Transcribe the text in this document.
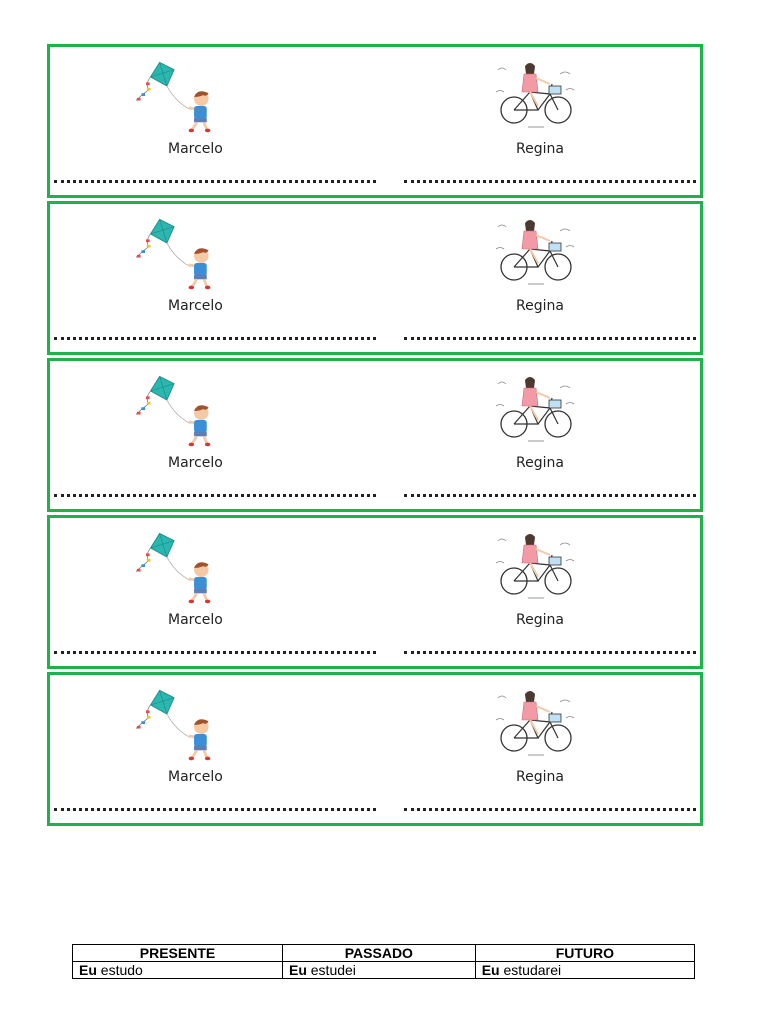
Marcelo	Regina
Marcelo	Regina
Marcelo	Regina
Marcelo	Regina
Marcelo	Regina
PRESENTE	PASSADO	FUTURO
Eu estudo	Eu estudei	Eu estudarei
